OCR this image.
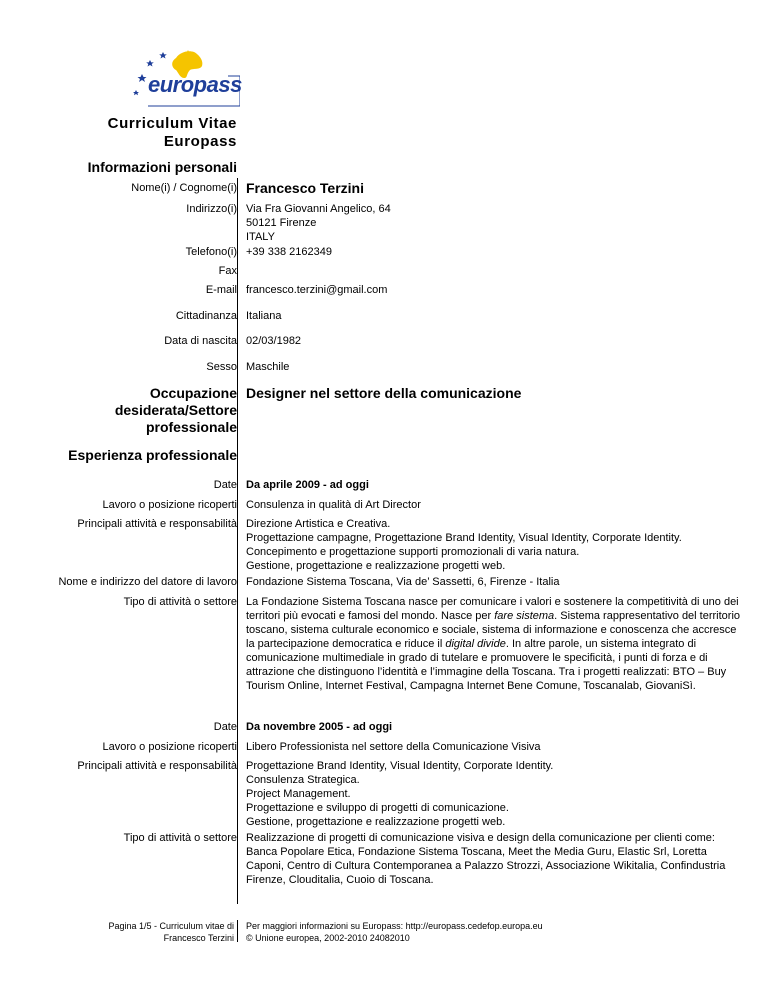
europass
Curriculum Vitae
Europass
Informazioni personali
Nome(i) / Cognome(i) Francesco Terzini
Indirizzo(i) Via Fra Giovanni Angelico, 64
50121 Firenze
ITALY
Telefono(i) +39 338 2162349
Fax
E-mail francesco.terzini@gmail.com
Cittadinanza Italiana
Data di nascita 02/03/1982
Sesso Maschile
Occupazione
desiderata/Settore
professionale
Designer nel settore della comunicazione
Esperienza professionale
Date Da aprile 2009 - ad oggi
Lavoro o posizione ricoperti Consulenza in qualità di Art Director
Principali attività e responsabilità Direzione Artistica e Creativa.
Progettazione campagne, Progettazione Brand Identity, Visual Identity, Corporate Identity.
Concepimento e progettazione supporti promozionali di varia natura.
Gestione, progettazione e realizzazione progetti web.
Nome e indirizzo del datore di lavoro Fondazione Sistema Toscana, Via de’ Sassetti, 6, Firenze - Italia
Tipo di attività o settore La Fondazione Sistema Toscana nasce per comunicare i valori e sostenere la competitività di uno dei
territori più evocati e famosi del mondo. Nasce per fare sistema. Sistema rappresentativo del territorio
toscano, sistema culturale economico e sociale, sistema di informazione e conoscenza che accresce
la partecipazione democratica e riduce il digital divide. In altre parole, un sistema integrato di
comunicazione multimediale in grado di tutelare e promuovere le specificità, i punti di forza e di
attrazione che distinguono l’identità e l’immagine della Toscana. Tra i progetti realizzati: BTO – Buy
Tourism Online, Internet Festival, Campagna Internet Bene Comune, Toscanalab, GiovaniSì.
Date Da novembre 2005 - ad oggi
Lavoro o posizione ricoperti Libero Professionista nel settore della Comunicazione Visiva
Principali attività e responsabilità Progettazione Brand Identity, Visual Identity, Corporate Identity.
Consulenza Strategica.
Project Management.
Progettazione e sviluppo di progetti di comunicazione.
Gestione, progettazione e realizzazione progetti web.
Tipo di attività o settore Realizzazione di progetti di comunicazione visiva e design della comunicazione per clienti come:
Banca Popolare Etica, Fondazione Sistema Toscana, Meet the Media Guru, Elastic Srl, Loretta
Caponi, Centro di Cultura Contemporanea a Palazzo Strozzi, Associazione Wikitalia, Confindustria
Firenze, Clouditalia, Cuoio di Toscana.
Pagina 1/5 - Curriculum vitae di
Francesco Terzini
Per maggiori informazioni su Europass: http://europass.cedefop.europa.eu
© Unione europea, 2002-2010 24082010
